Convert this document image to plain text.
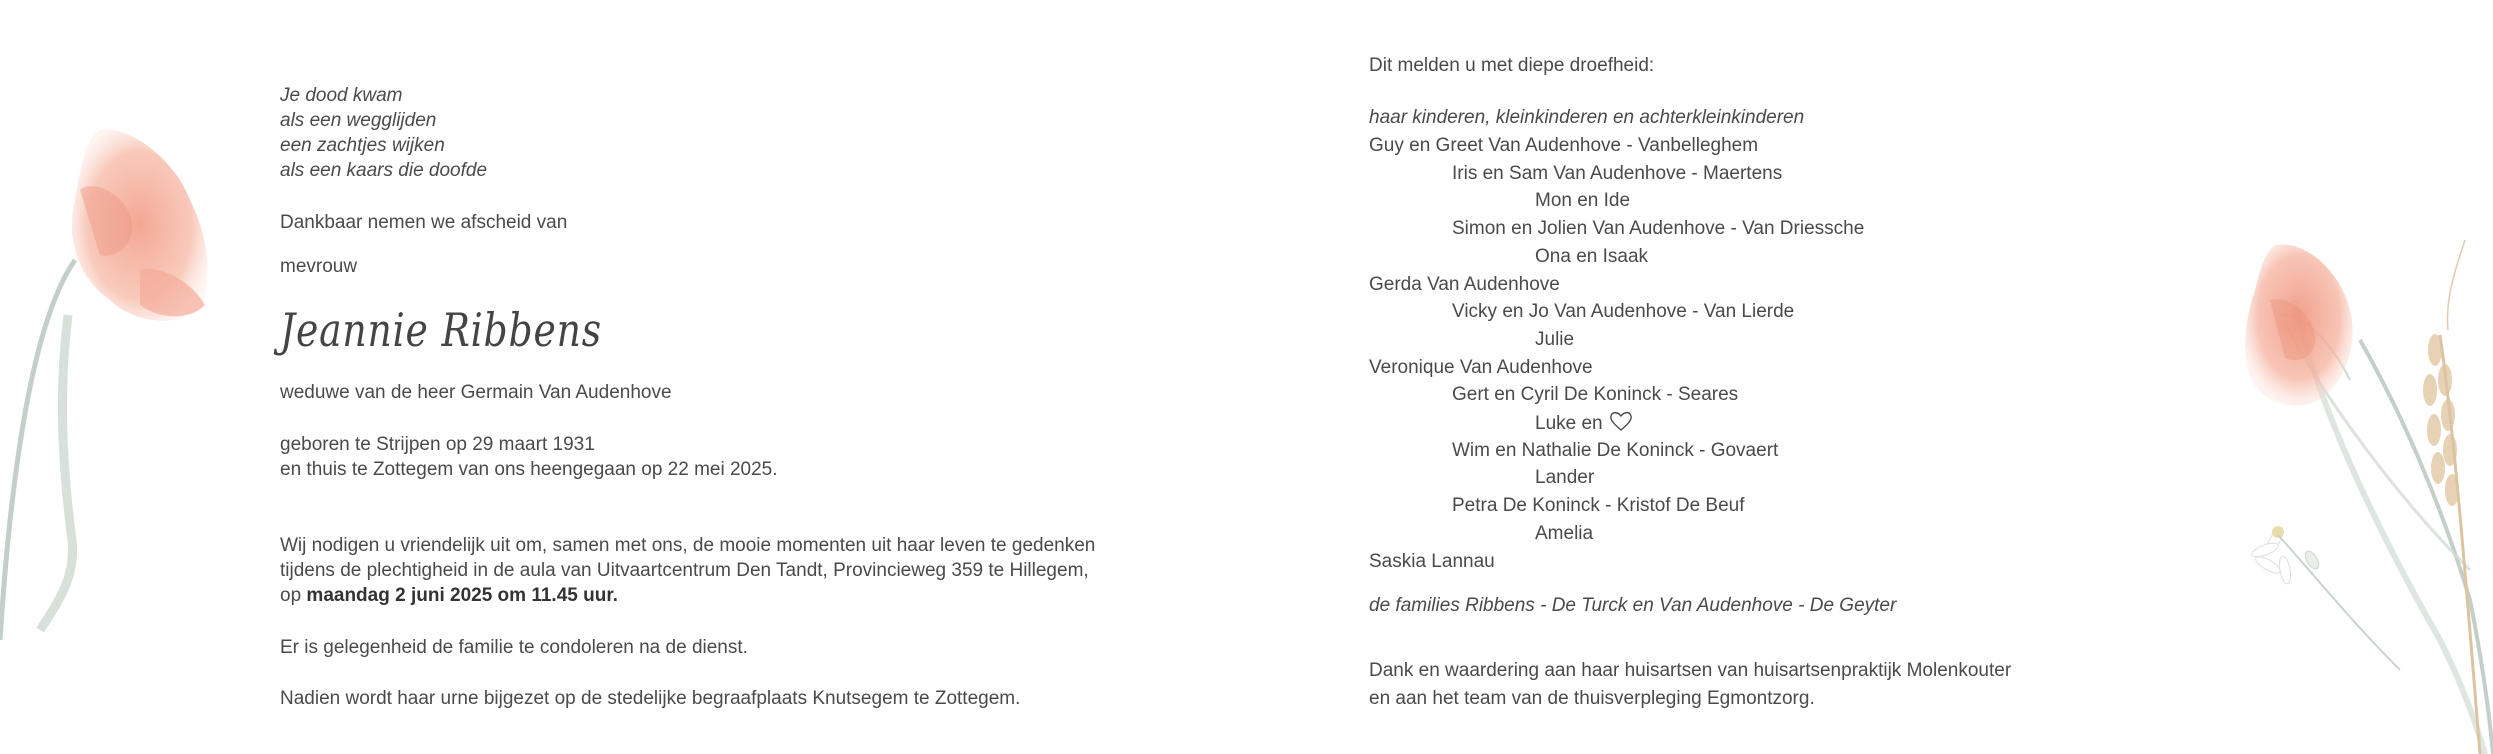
Je dood kwam
als een wegglijden
een zachtjes wijken
als een kaars die doofde
Dankbaar nemen we afscheid van
mevrouw
Jeannie Ribbens
weduwe van de heer Germain Van Audenhove
geboren te Strijpen op 29 maart 1931
en thuis te Zottegem van ons heengegaan op 22 mei 2025.
Wij nodigen u vriendelijk uit om, samen met ons, de mooie momenten uit haar leven te gedenken
tijdens de plechtigheid in de aula van Uitvaartcentrum Den Tandt, Provincieweg 359 te Hillegem,
op maandag 2 juni 2025 om 11.45 uur.
Er is gelegenheid de familie te condoleren na de dienst.
Nadien wordt haar urne bijgezet op de stedelijke begraafplaats Knutsegem te Zottegem.
Dit melden u met diepe droefheid:
haar kinderen, kleinkinderen en achterkleinkinderen
Guy en Greet Van Audenhove - Vanbelleghem
Iris en Sam Van Audenhove - Maertens
Mon en Ide
Simon en Jolien Van Audenhove - Van Driessche
Ona en Isaak
Gerda Van Audenhove
Vicky en Jo Van Audenhove - Van Lierde
Julie
Veronique Van Audenhove
Gert en Cyril De Koninck - Seares
Luke en
Wim en Nathalie De Koninck - Govaert
Lander
Petra De Koninck - Kristof De Beuf
Amelia
Saskia Lannau
de families Ribbens - De Turck en Van Audenhove - De Geyter
Dank en waardering aan haar huisartsen van huisartsenpraktijk Molenkouter
en aan het team van de thuisverpleging Egmontzorg.
